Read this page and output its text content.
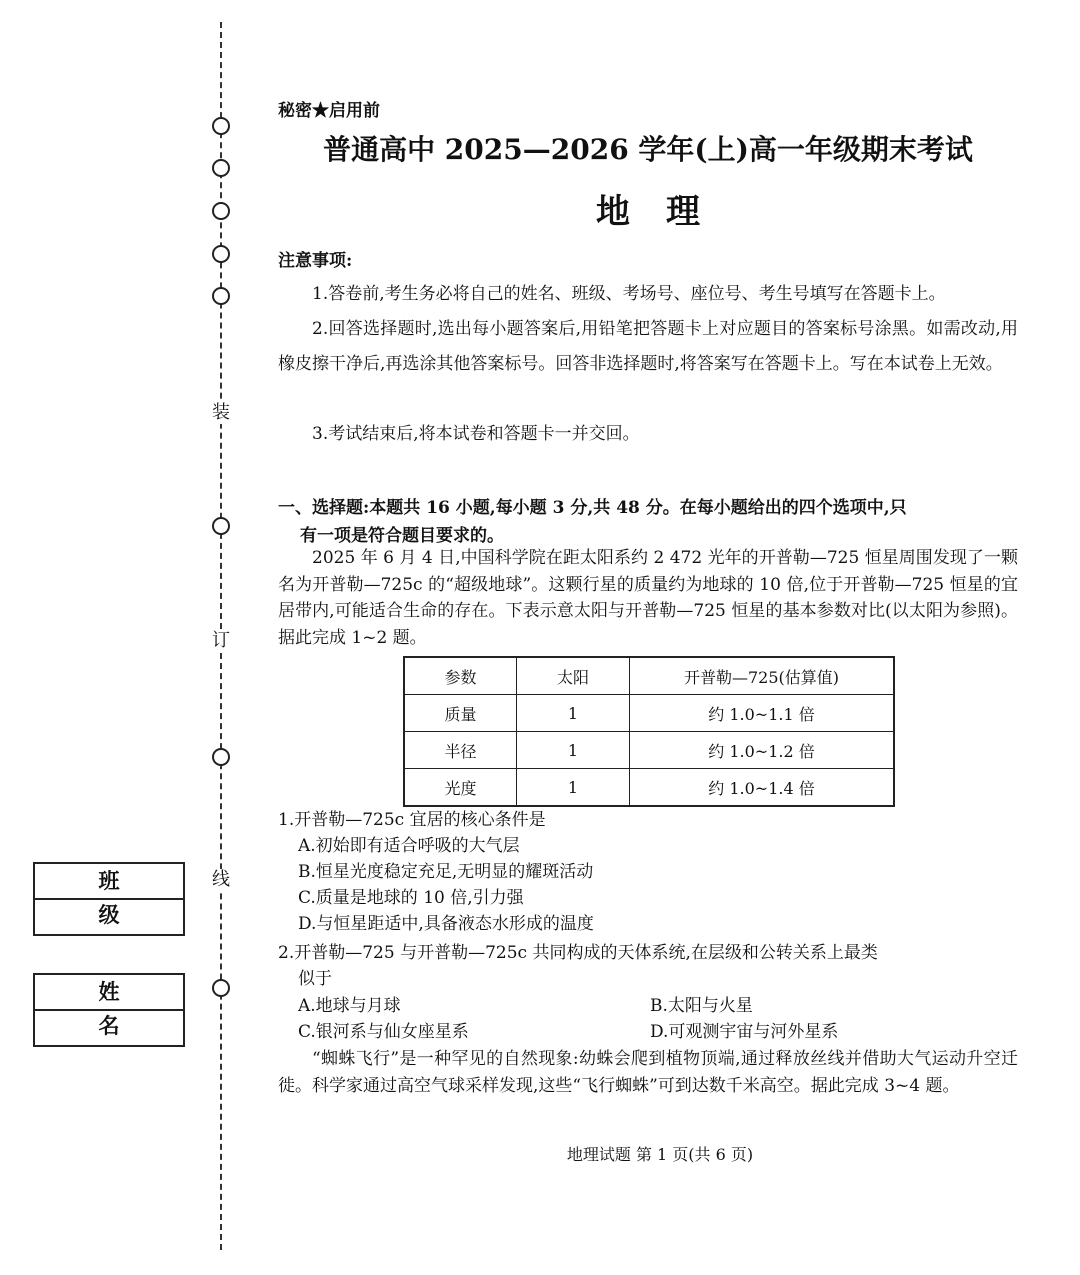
装
订
线
班级
姓名
秘密★启用前
普通高中 2025—2026 学年(上)高一年级期末考试
地理
注意事项:
1.答卷前,考生务必将自己的姓名、班级、考场号、座位号、考生号填写在答题卡上。
2.回答选择题时,选出每小题答案后,用铅笔把答题卡上对应题目的答案标号涂黑。如需改动,用橡皮擦干净后,再选涂其他答案标号。回答非选择题时,将答案写在答题卡上。写在本试卷上无效。
3.考试结束后,将本试卷和答题卡一并交回。
一、选择题:本题共 16 小题,每小题 3 分,共 48 分。在每小题给出的四个选项中,只
有一项是符合题目要求的。
2025 年 6 月 4 日,中国科学院在距太阳系约 2 472 光年的开普勒—725 恒星周围发现了一颗名为开普勒—725c 的“超级地球”。这颗行星的质量约为地球的 10 倍,位于开普勒—725 恒星的宜居带内,可能适合生命的存在。下表示意太阳与开普勒—725 恒星的基本参数对比(以太阳为参照)。据此完成 1~2 题。
参数	太阳	开普勒—725(估算值)
质量	1	约 1.0~1.1 倍
半径	1	约 1.0~1.2 倍
光度	1	约 1.0~1.4 倍
1.开普勒—725c 宜居的核心条件是
A.初始即有适合呼吸的大气层
B.恒星光度稳定充足,无明显的耀斑活动
C.质量是地球的 10 倍,引力强
D.与恒星距适中,具备液态水形成的温度
2.开普勒—725 与开普勒—725c 共同构成的天体系统,在层级和公转关系上最类
似于
A.地球与月球	B.太阳与火星
C.银河系与仙女座星系	D.可观测宇宙与河外星系
“蜘蛛飞行”是一种罕见的自然现象:幼蛛会爬到植物顶端,通过释放丝线并借助大气运动升空迁徙。科学家通过高空气球采样发现,这些“飞行蜘蛛”可到达数千米高空。据此完成 3~4 题。
地理试题 第 1 页(共 6 页)
